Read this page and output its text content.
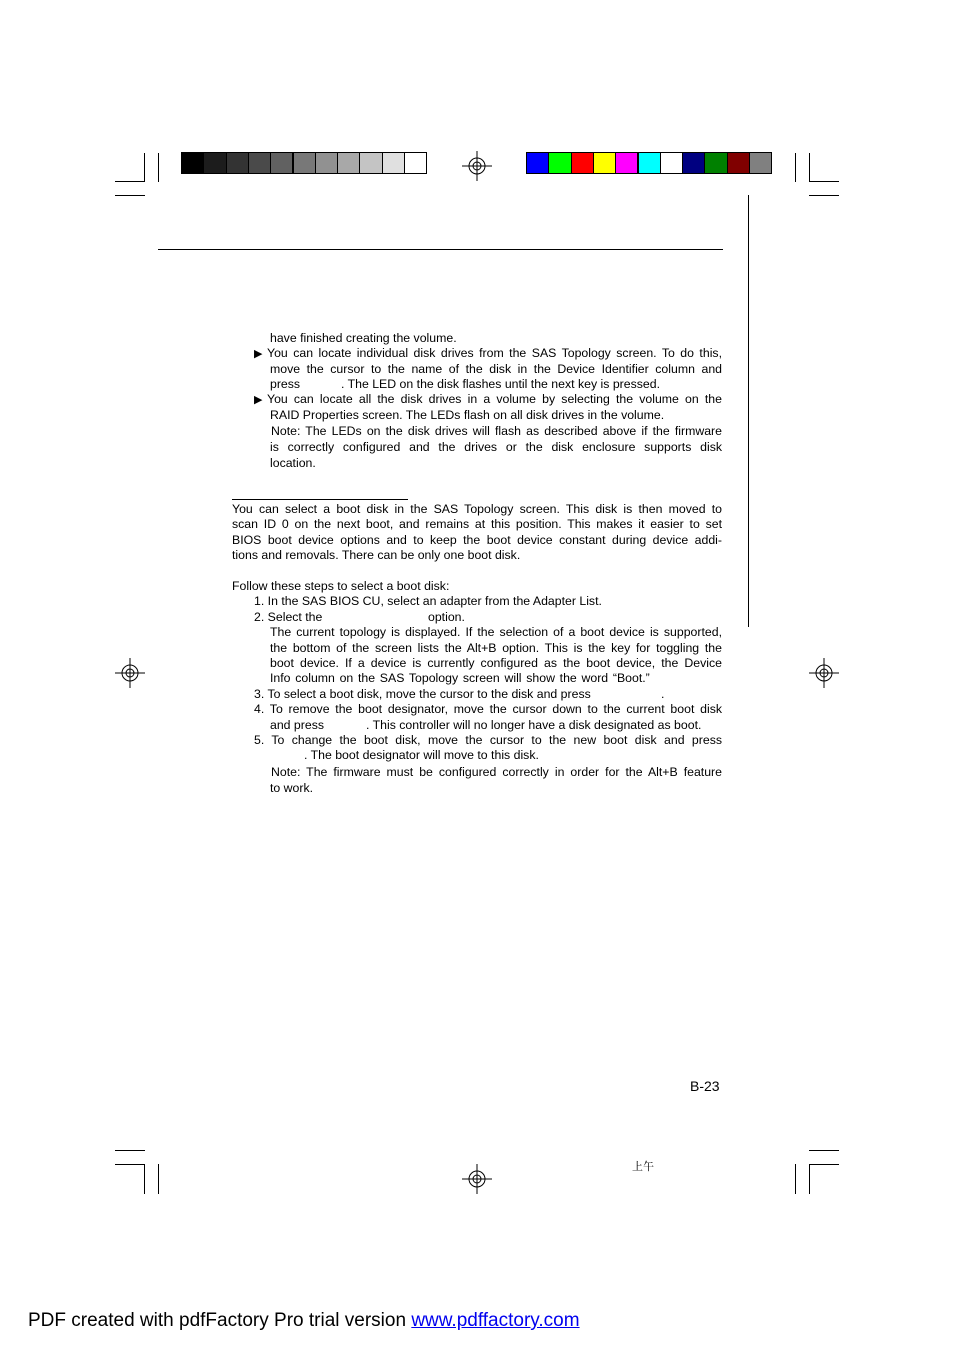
have finished creating the volume.
▶ You can locate individual disk drives from the SAS Topology screen. To do this,
move the cursor to the name of the disk in the Device Identifier column and
press	. The LED on the disk flashes until the next key is pressed.
▶ You can locate all the disk drives in a volume by selecting the volume on the
RAID Properties screen. The LEDs flash on all disk drives in the volume.
Note: The LEDs on the disk drives will flash as described above if the firmware
is correctly configured and the drives or the disk enclosure supports disk
location.
You can select a boot disk in the SAS Topology screen. This disk is then moved to
scan ID 0 on the next boot, and remains at this position. This makes it easier to set
BIOS boot device options and to keep the boot device constant during device addi-
tions and removals. There can be only one boot disk.
Follow these steps to select a boot disk:
1. In the SAS BIOS CU, select an adapter from the Adapter List.
2. Select the	option.
The current topology is displayed. If the selection of a boot device is supported,
the bottom of the screen lists the Alt+B option. This is the key for toggling the
boot device. If a device is currently configured as the boot device, the Device
Info column on the SAS Topology screen will show the word “Boot.”
3. To select a boot disk, move the cursor to the disk and press	.
4. To remove the boot designator, move the cursor down to the current boot disk
and press	. This controller will no longer have a disk designated as boot.
5. To change the boot disk, move the cursor to the new boot disk and press
. The boot designator will move to this disk.
Note: The firmware must be configured correctly in order for the Alt+B feature
to work.
B-23
上午
PDF created with pdfFactory Pro trial version www.pdffactory.com
